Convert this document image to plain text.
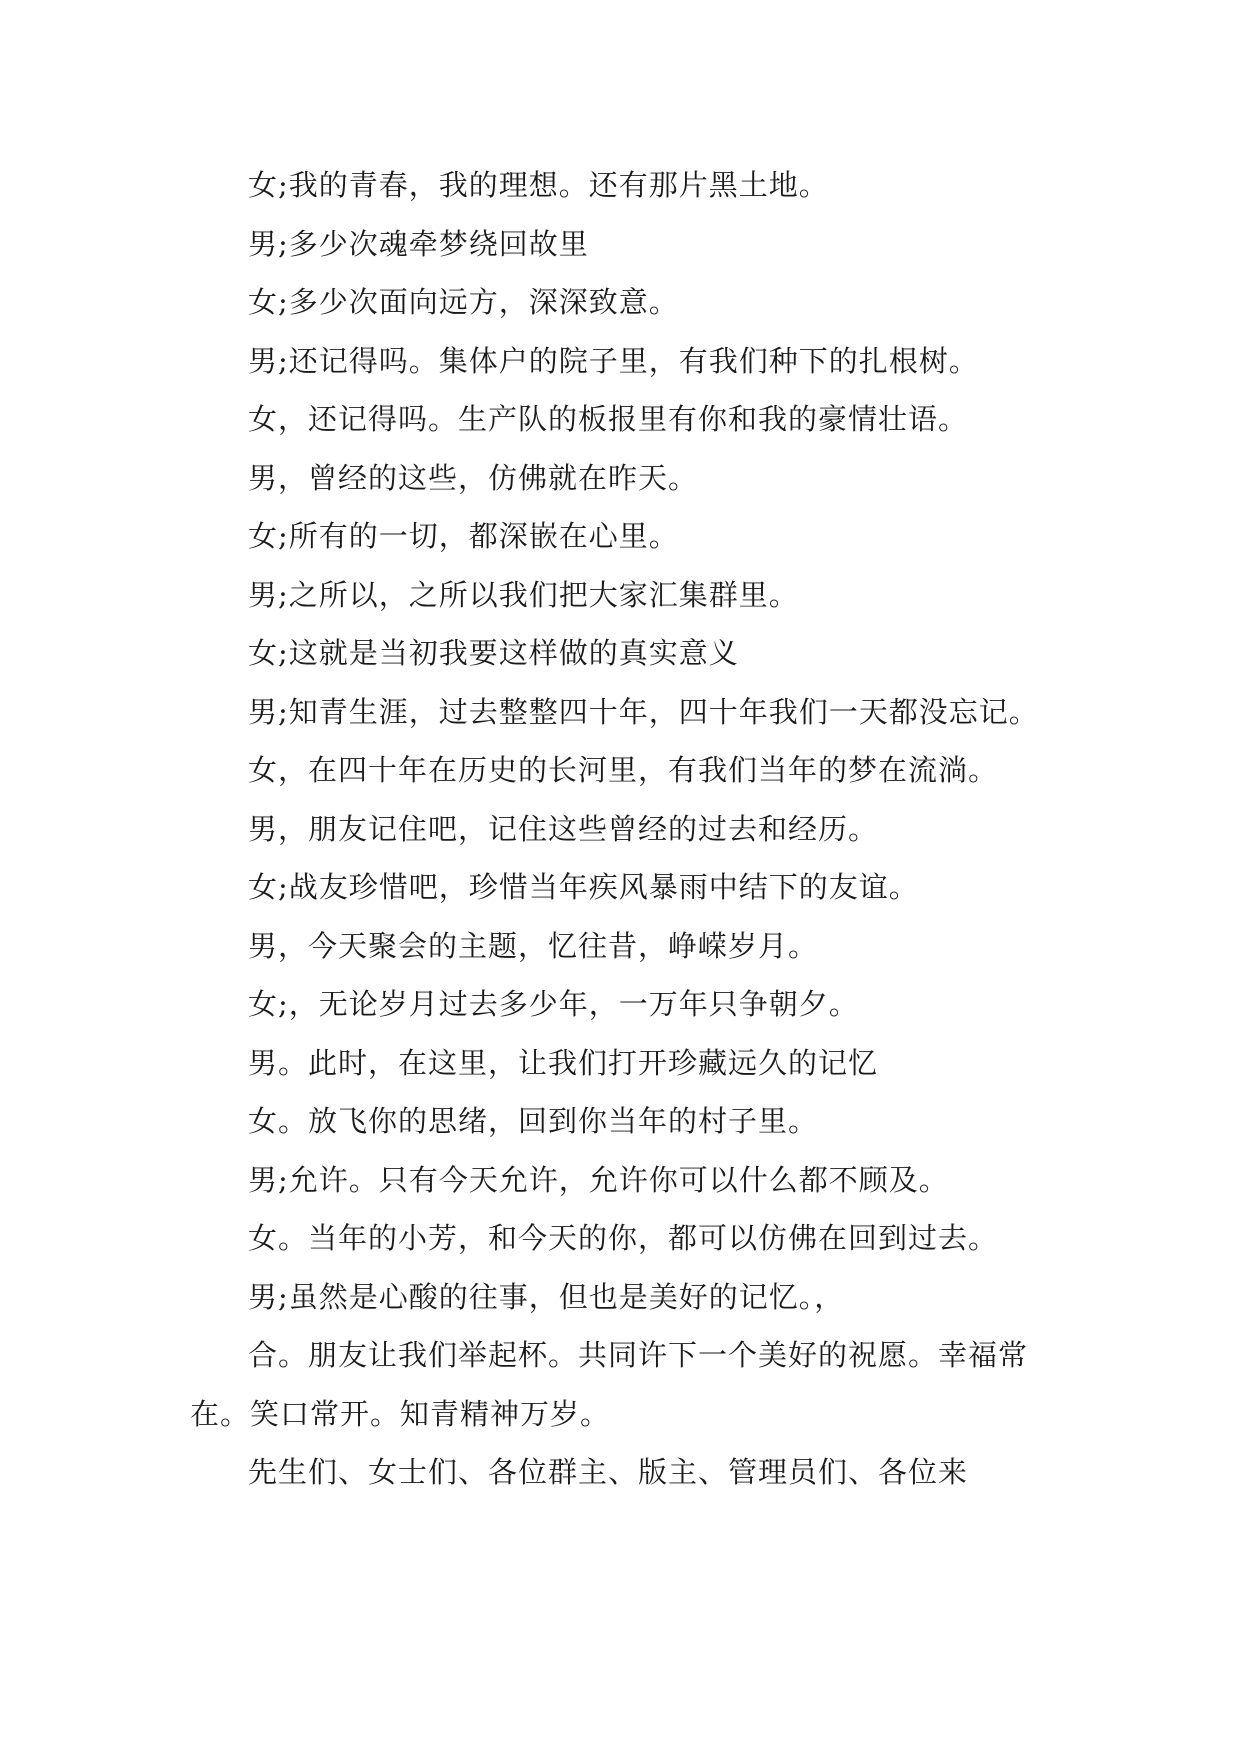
女;我的青春，我的理想。还有那片黑土地。

男;多少次魂牵梦绕回故里

女;多少次面向远方，深深致意。

男;还记得吗。集体户的院子里，有我们种下的扎根树。

女，还记得吗。生产队的板报里有你和我的豪情壮语。

男，曾经的这些，仿佛就在昨天。

女;所有的一切，都深嵌在心里。

男;之所以，之所以我们把大家汇集群里。

女;这就是当初我要这样做的真实意义

男;知青生涯，过去整整四十年，四十年我们一天都没忘记。

女，在四十年在历史的长河里，有我们当年的梦在流淌。

男，朋友记住吧，记住这些曾经的过去和经历。

女;战友珍惜吧，珍惜当年疾风暴雨中结下的友谊。

男，今天聚会的主题，忆往昔，峥嵘岁月。

女;，无论岁月过去多少年，一万年只争朝夕。

男。此时，在这里，让我们打开珍藏远久的记忆

女。放飞你的思绪，回到你当年的村子里。

男;允许。只有今天允许，允许你可以什么都不顾及。

女。当年的小芳，和今天的你，都可以仿佛在回到过去。

男;虽然是心酸的往事，但也是美好的记忆。，

合。朋友让我们举起杯。共同许下一个美好的祝愿。幸福常在。笑口常开。知青精神万岁。

先生们、女士们、各位群主、版主、管理员们、各位来
